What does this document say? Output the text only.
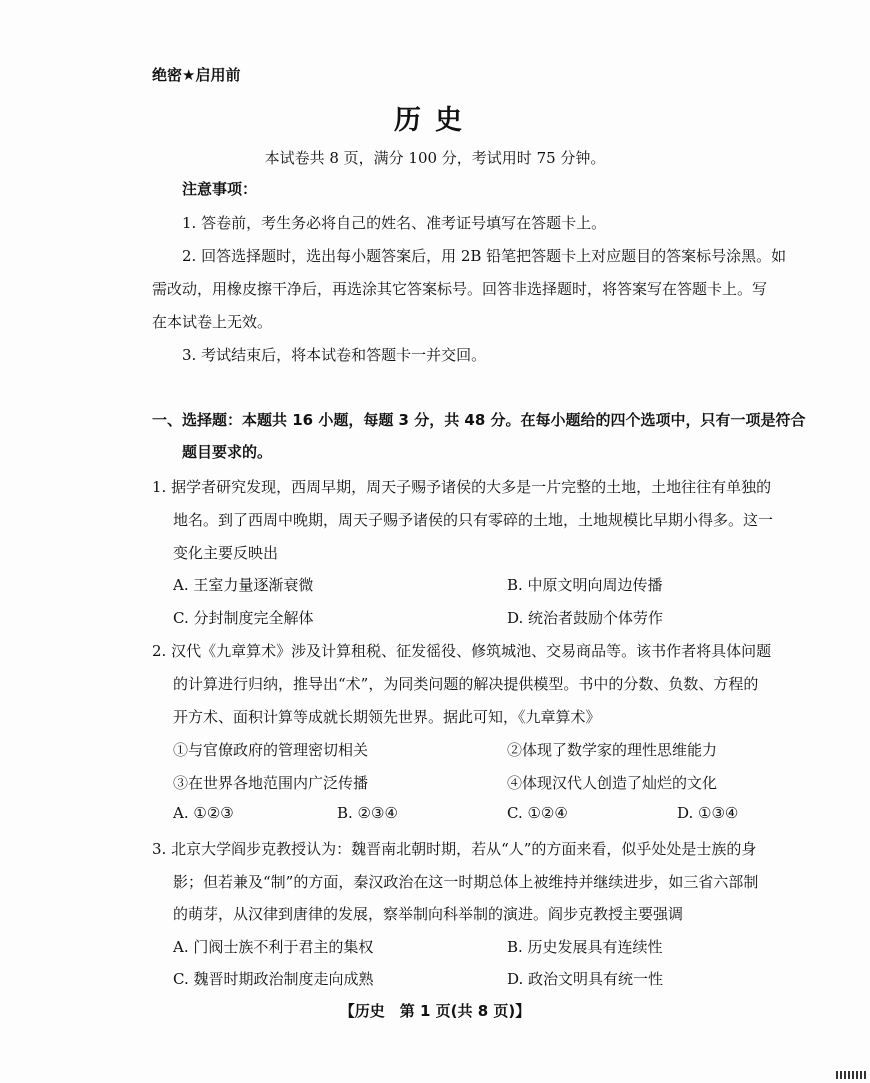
绝密★启用前
历史
本试卷共 8 页，满分 100 分，考试用时 75 分钟。
注意事项：
1. 答卷前，考生务必将自己的姓名、准考证号填写在答题卡上。
2. 回答选择题时，选出每小题答案后，用 2B 铅笔把答题卡上对应题目的答案标号涂黑。如
需改动，用橡皮擦干净后，再选涂其它答案标号。回答非选择题时，将答案写在答题卡上。写
在本试卷上无效。
3. 考试结束后，将本试卷和答题卡一并交回。
一、选择题：本题共 16 小题，每题 3 分，共 48 分。在每小题给的四个选项中，只有一项是符合
题目要求的。
1. 据学者研究发现，西周早期，周天子赐予诸侯的大多是一片完整的土地，土地往往有单独的
地名。到了西周中晚期，周天子赐予诸侯的只有零碎的土地，土地规模比早期小得多。这一
变化主要反映出
A. 王室力量逐渐衰微	B. 中原文明向周边传播
C. 分封制度完全解体	D. 统治者鼓励个体劳作
2. 汉代《九章算术》涉及计算租税、征发徭役、修筑城池、交易商品等。该书作者将具体问题
的计算进行归纳，推导出“术”，为同类问题的解决提供模型。书中的分数、负数、方程的
开方术、面积计算等成就长期领先世界。据此可知，《九章算术》
①与官僚政府的管理密切相关	②体现了数学家的理性思维能力
③在世界各地范围内广泛传播	④体现汉代人创造了灿烂的文化
A. ①②③	B. ②③④	C. ①②④	D. ①③④
3. 北京大学阎步克教授认为：魏晋南北朝时期，若从“人”的方面来看，似乎处处是士族的身
影；但若兼及“制”的方面，秦汉政治在这一时期总体上被维持并继续进步，如三省六部制
的萌芽，从汉律到唐律的发展，察举制向科举制的演进。阎步克教授主要强调
A. 门阀士族不利于君主的集权	B. 历史发展具有连续性
C. 魏晋时期政治制度走向成熟	D. 政治文明具有统一性
【历史　第 1 页(共 8 页)】
